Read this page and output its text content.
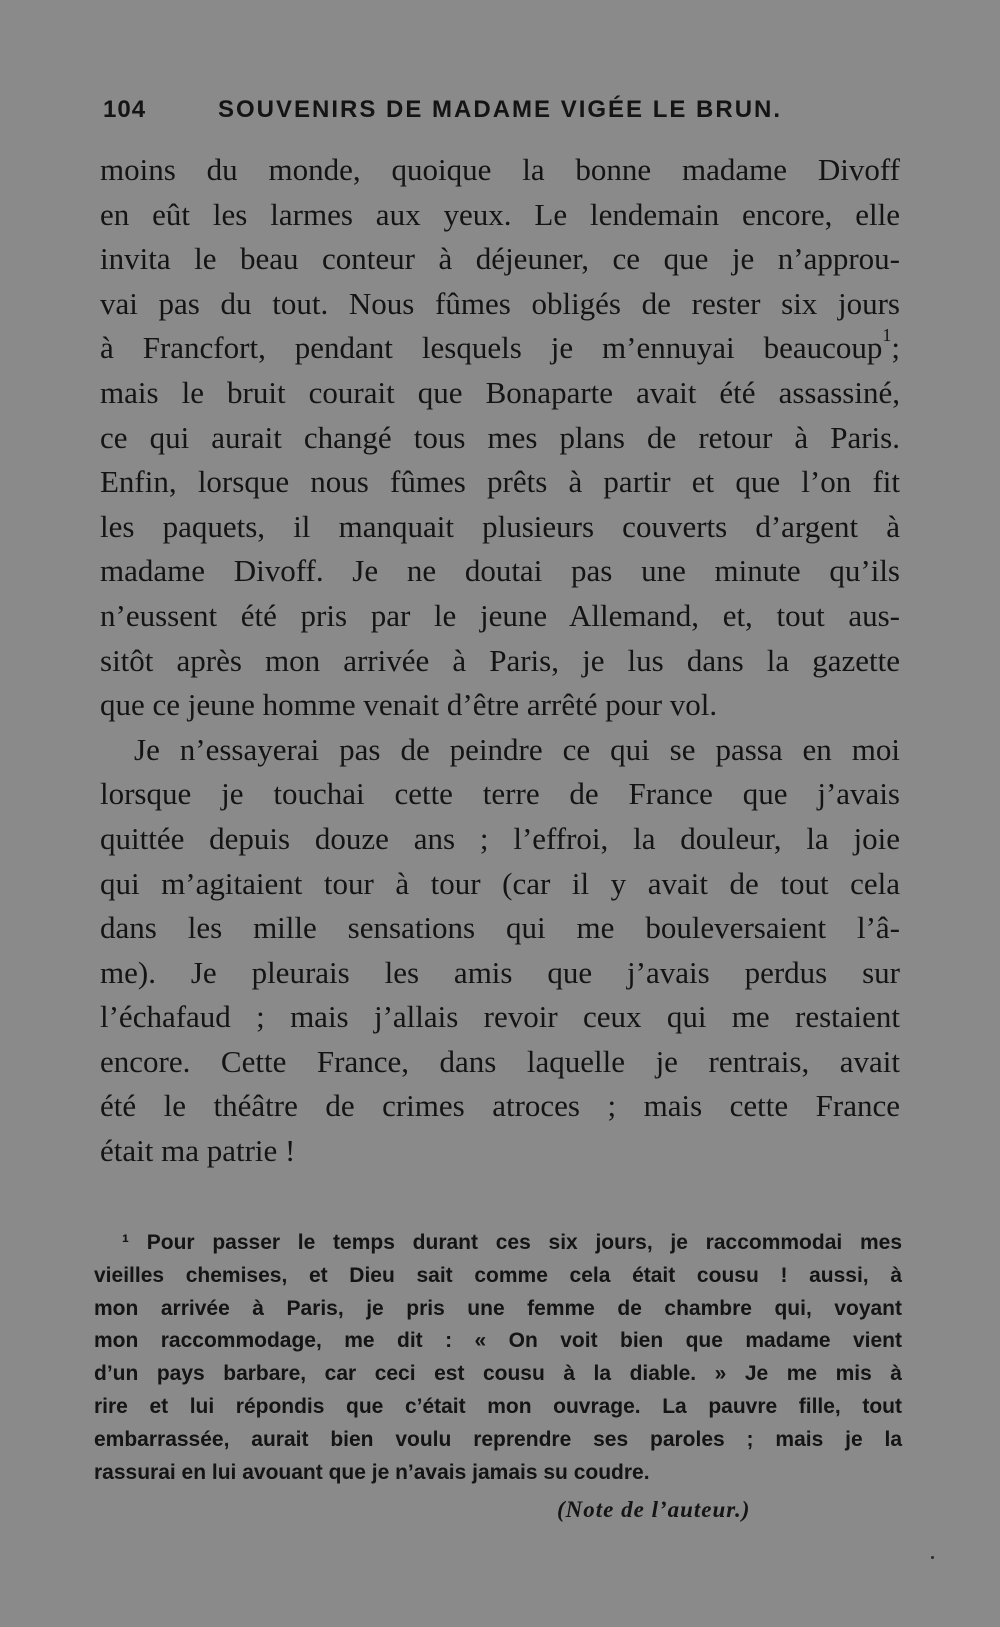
104	SOUVENIRS DE MADAME VIGÉE LE BRUN.
moins du monde, quoique la bonne madame Divoff
en eût les larmes aux yeux. Le lendemain encore, elle
invita le beau conteur à déjeuner, ce que je n’approu-
vai pas du tout. Nous fûmes obligés de rester six jours
à Francfort, pendant lesquels je m’ennuyai beaucoup$^1$;
mais le bruit courait que Bonaparte avait été assassiné,
ce qui aurait changé tous mes plans de retour à Paris.
Enfin, lorsque nous fûmes prêts à partir et que l’on fit
les paquets, il manquait plusieurs couverts d’argent à
madame Divoff. Je ne doutai pas une minute qu’ils
n’eussent été pris par le jeune Allemand, et, tout aus-
sitôt après mon arrivée à Paris, je lus dans la gazette
que ce jeune homme venait d’être arrêté pour vol.
Je n’essayerai pas de peindre ce qui se passa en moi
lorsque je touchai cette terre de France que j’avais
quittée depuis douze ans ; l’effroi, la douleur, la joie
qui m’agitaient tour à tour (car il y avait de tout cela
dans les mille sensations qui me bouleversaient l’â-
me). Je pleurais les amis que j’avais perdus sur
l’échafaud ; mais j’allais revoir ceux qui me restaient
encore. Cette France, dans laquelle je rentrais, avait
été le théâtre de crimes atroces ; mais cette France
était ma patrie !
¹ Pour passer le temps durant ces six jours, je raccommodai mes
vieilles chemises, et Dieu sait comme cela était cousu ! aussi, à
mon arrivée à Paris, je pris une femme de chambre qui, voyant
mon raccommodage, me dit : « On voit bien que madame vient
d’un pays barbare, car ceci est cousu à la diable. » Je me mis à
rire et lui répondis que c’était mon ouvrage. La pauvre fille, tout
embarrassée, aurait bien voulu reprendre ses paroles ; mais je la
rassurai en lui avouant que je n’avais jamais su coudre.
(Note de l’auteur.)
